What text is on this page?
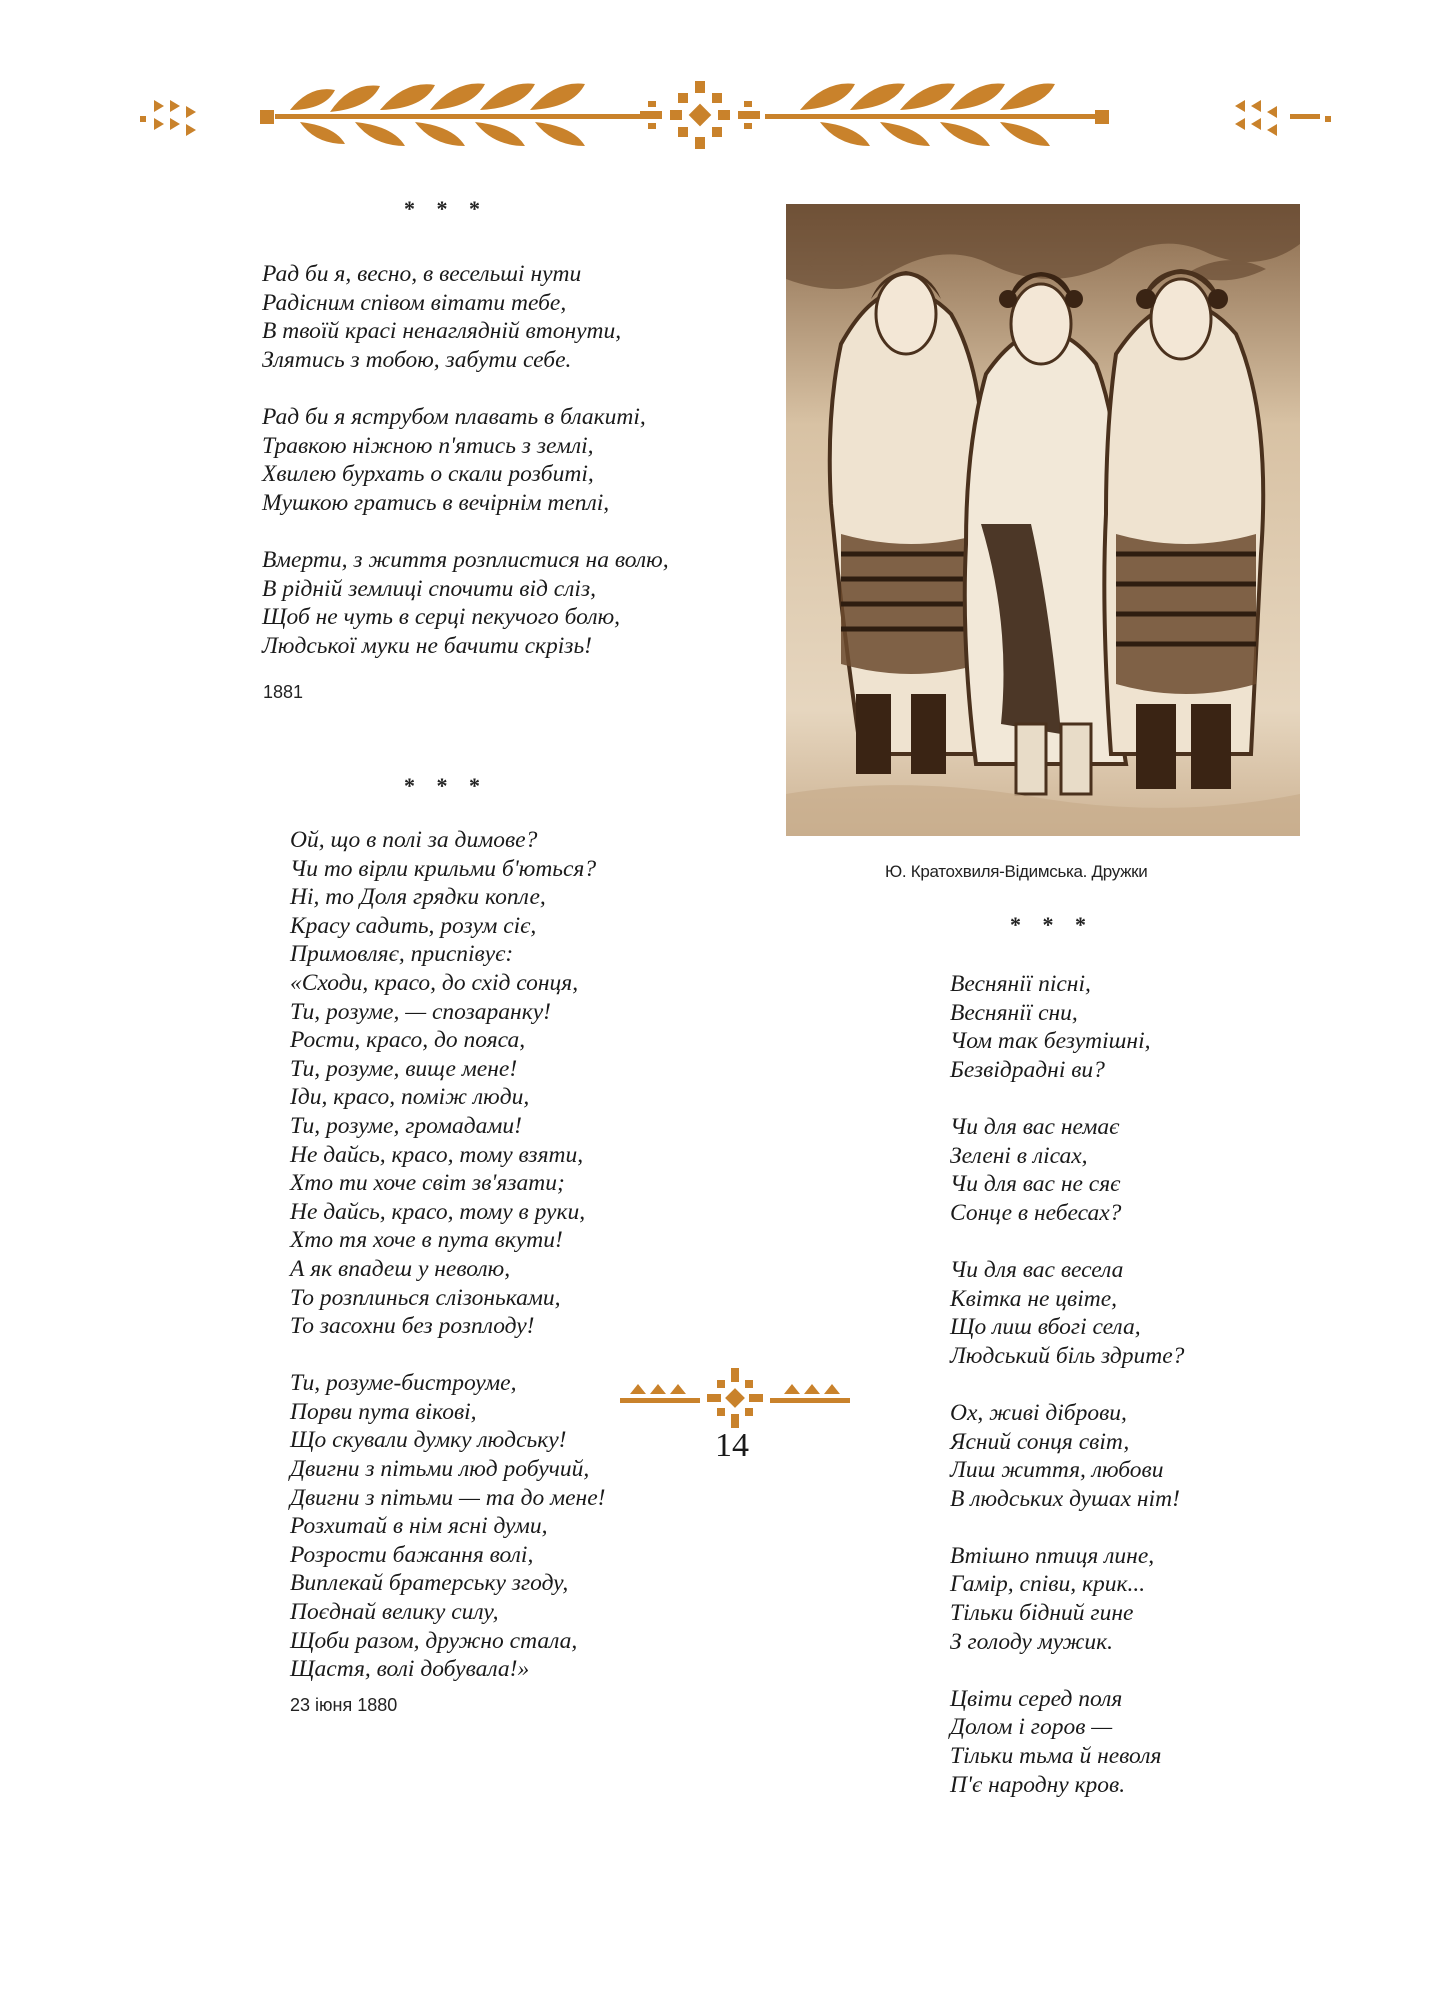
* * *
Рад би я, весно, в весельші нути
Радісним співом вітати тебе,
В твоїй красі ненаглядній втонути,
Злятись з тобою, забути себе.
Рад би я яструбом плавать в блакиті,
Травкою ніжною п'ятись з землі,
Хвилею бурхать о скали розбиті,
Мушкою гратись в вечірнім теплі,
Вмерти, з життя розплистися на волю,
В рідній землиці спочити від сліз,
Щоб не чуть в серці пекучого болю,
Людської муки не бачити скрізь!
1881
* * *
Ой, що в полі за димове?
Чи то вірли крильми б'ються?
Ні, то Доля грядки копле,
Красу садить, розум сіє,
Примовляє, приспівує:
«Сходи, красо, до схід сонця,
Ти, розуме, — спозаранку!
Рости, красо, до пояса,
Ти, розуме, вище мене!
Іди, красо, поміж люди,
Ти, розуме, громадами!
Не дайсь, красо, тому взяти,
Хто ти хоче світ зв'язати;
Не дайсь, красо, тому в руки,
Хто тя хоче в пута вкути!
А як впадеш у неволю,
То розплинься слізоньками,
То засохни без розплоду!
Ти, розуме-бистроуме,
Порви пута вікові,
Що скували думку людську!
Двигни з пітьми люд робучий,
Двигни з пітьми — та до мене!
Розхитай в нім ясні думи,
Розрости бажання волі,
Виплекай братерську згоду,
Поєднай велику силу,
Щоби разом, дружно стала,
Щастя, волі добувала!»
23 іюня 1880
Ю. Кратохвиля-Відимська. Дружки
* * *
Веснянії пісні,
Веснянії сни,
Чом так безутішні,
Безвідрадні ви?
Чи для вас немає
Зелені в лісах,
Чи для вас не сяє
Сонце в небесах?
Чи для вас весела
Квітка не цвіте,
Що лиш вбогі села,
Людський біль здрите?
Ох, живі діброви,
Ясний сонця світ,
Лиш життя, любови
В людських душах ніт!
Втішно птиця лине,
Гамір, співи, крик...
Тільки бідний гине
З голоду мужик.
Цвіти серед поля
Долом і горов —
Тільки тьма й неволя
П'є народну кров.
14
